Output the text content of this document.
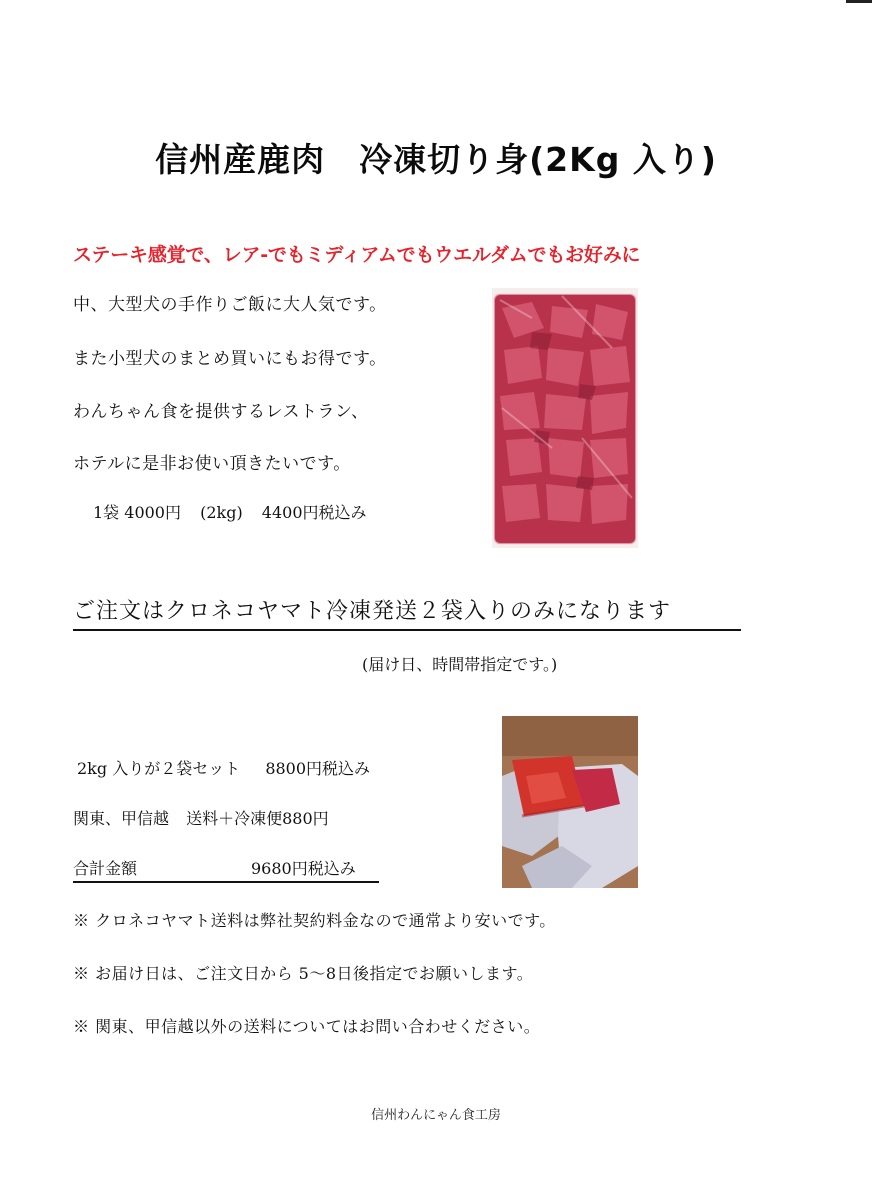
信州産鹿肉　冷凍切り身(2Kg 入り)
ステーキ感覚で、レア-でもミディアムでもウエルダムでもお好みに
中、大型犬の手作りご飯に大人気です。
また小型犬のまとめ買いにもお得です。
わんちゃん食を提供するレストラン、
ホテルに是非お使い頂きたいです。
1袋 4000円 (2kg) 4400円税込み
ご注文はクロネコヤマト冷凍発送２袋入りのみになります
(届け日、時間帯指定です。)
2kg 入りが２袋セット 8800円税込み
関東、甲信越 送料＋冷凍便880円
合計金額	9680円税込み
※ クロネコヤマト送料は弊社契約料金なので通常より安いです。
※ お届け日は、ご注文日から 5～8日後指定でお願いします。
※ 関東、甲信越以外の送料についてはお問い合わせください。
信州わんにゃん食工房
